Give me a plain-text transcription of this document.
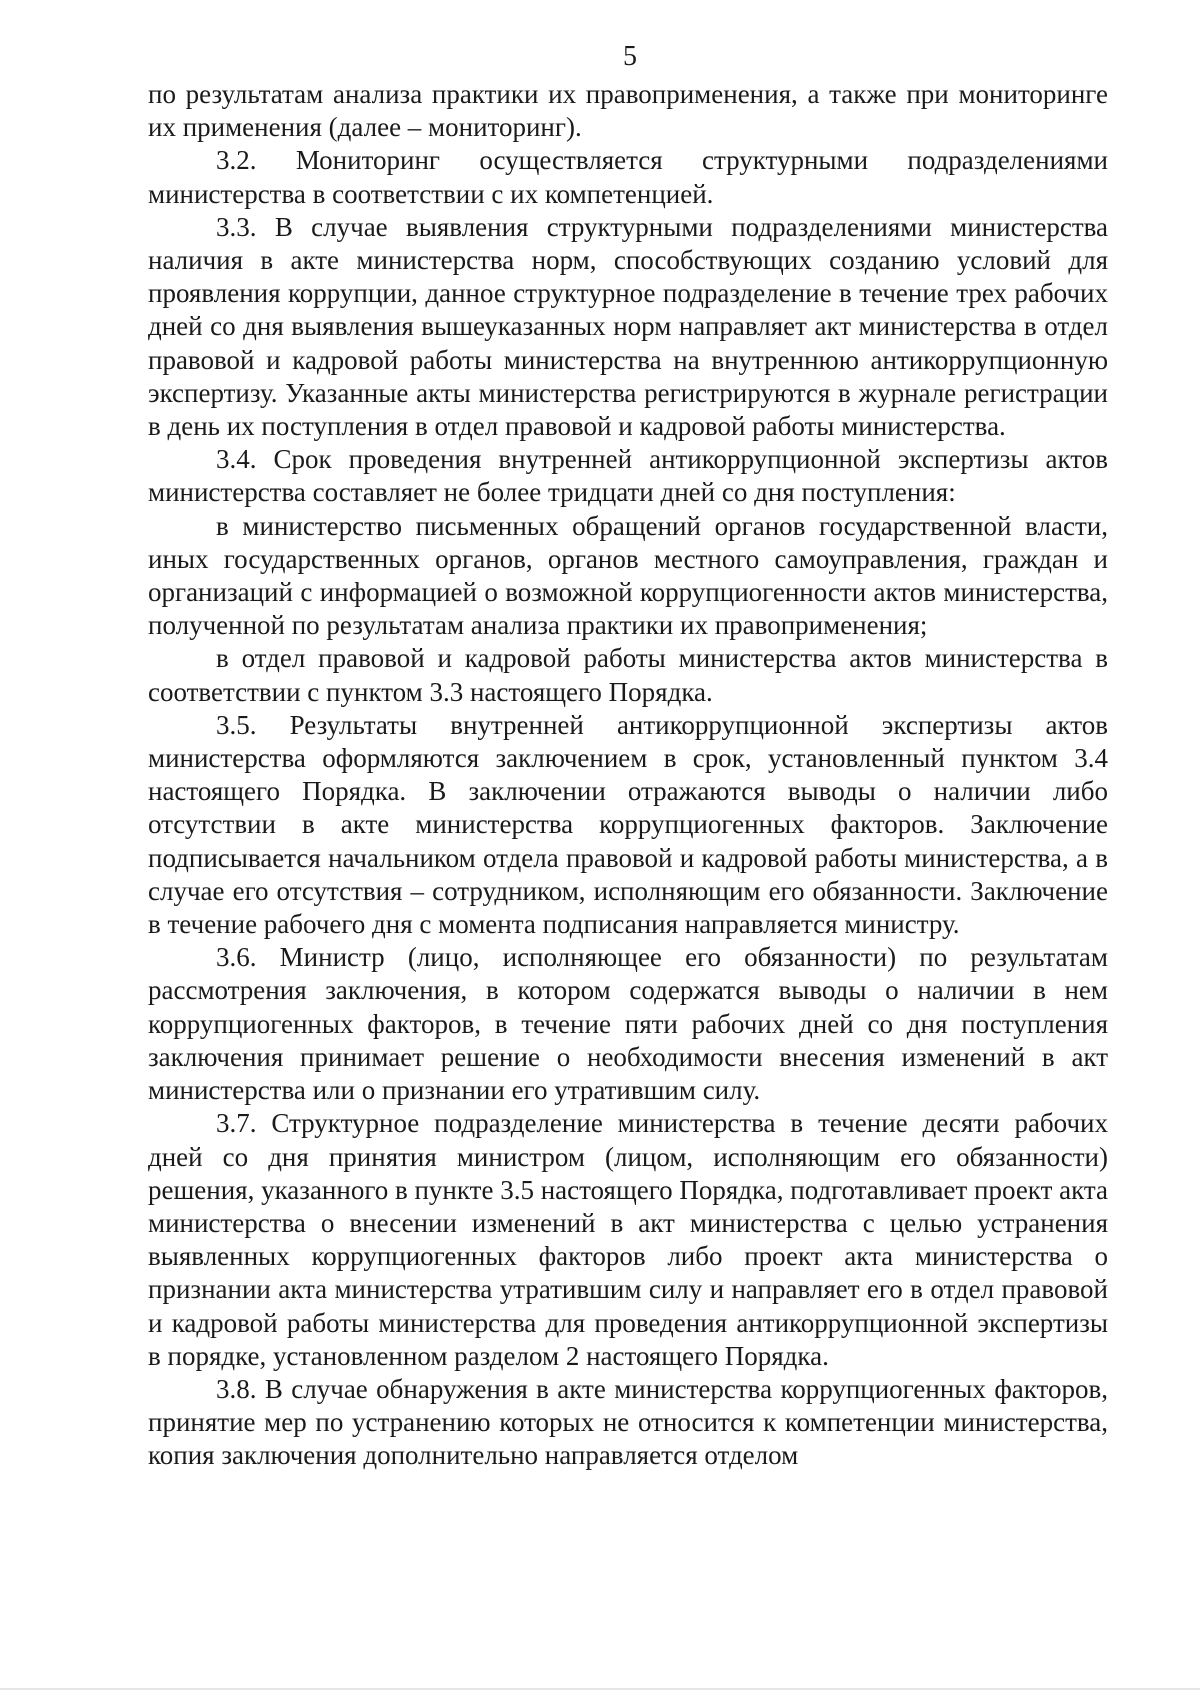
5

по результатам анализа практики их правоприменения, а также при мониторинге их применения (далее – мониторинг).

3.2. Мониторинг осуществляется структурными подразделениями министерства в соответствии с их компетенцией.

3.3. В случае выявления структурными подразделениями министерства наличия в акте министерства норм, способствующих созданию условий для проявления коррупции, данное структурное подразделение в течение трех рабочих дней со дня выявления вышеуказанных норм направляет акт министерства в отдел правовой и кадровой работы министерства на внутреннюю антикоррупционную экспертизу. Указанные акты министерства регистрируются в журнале регистрации в день их поступления в отдел правовой и кадровой работы министерства.

3.4. Срок проведения внутренней антикоррупционной экспертизы актов министерства составляет не более тридцати дней со дня поступления:

в министерство письменных обращений органов государственной власти, иных государственных органов, органов местного самоуправления, граждан и организаций с информацией о возможной коррупциогенности актов министерства, полученной по результатам анализа практики их правоприменения;

в отдел правовой и кадровой работы министерства актов министерства в соответствии с пунктом 3.3 настоящего Порядка.

3.5. Результаты внутренней антикоррупционной экспертизы актов министерства оформляются заключением в срок, установленный пунктом 3.4 настоящего Порядка. В заключении отражаются выводы о наличии либо отсутствии в акте министерства коррупциогенных факторов. Заключение подписывается начальником отдела правовой и кадровой работы министерства, а в случае его отсутствия – сотрудником, исполняющим его обязанности. Заключение в течение рабочего дня с момента подписания направляется министру.

3.6. Министр (лицо, исполняющее его обязанности) по результатам рассмотрения заключения, в котором содержатся выводы о наличии в нем коррупциогенных факторов, в течение пяти рабочих дней со дня поступления заключения принимает решение о необходимости внесения изменений в акт министерства или о признании его утратившим силу.

3.7. Структурное подразделение министерства в течение десяти рабочих дней со дня принятия министром (лицом, исполняющим его обязанности) решения, указанного в пункте 3.5 настоящего Порядка, подготавливает проект акта министерства о внесении изменений в акт министерства с целью устранения выявленных коррупциогенных факторов либо проект акта министерства о признании акта министерства утратившим силу и направляет его в отдел правовой и кадровой работы министерства для проведения антикоррупционной экспертизы в порядке, установленном разделом 2 настоящего Порядка.

3.8. В случае обнаружения в акте министерства коррупциогенных факторов, принятие мер по устранению которых не относится к компетенции министерства, копия заключения дополнительно направляется отделом
